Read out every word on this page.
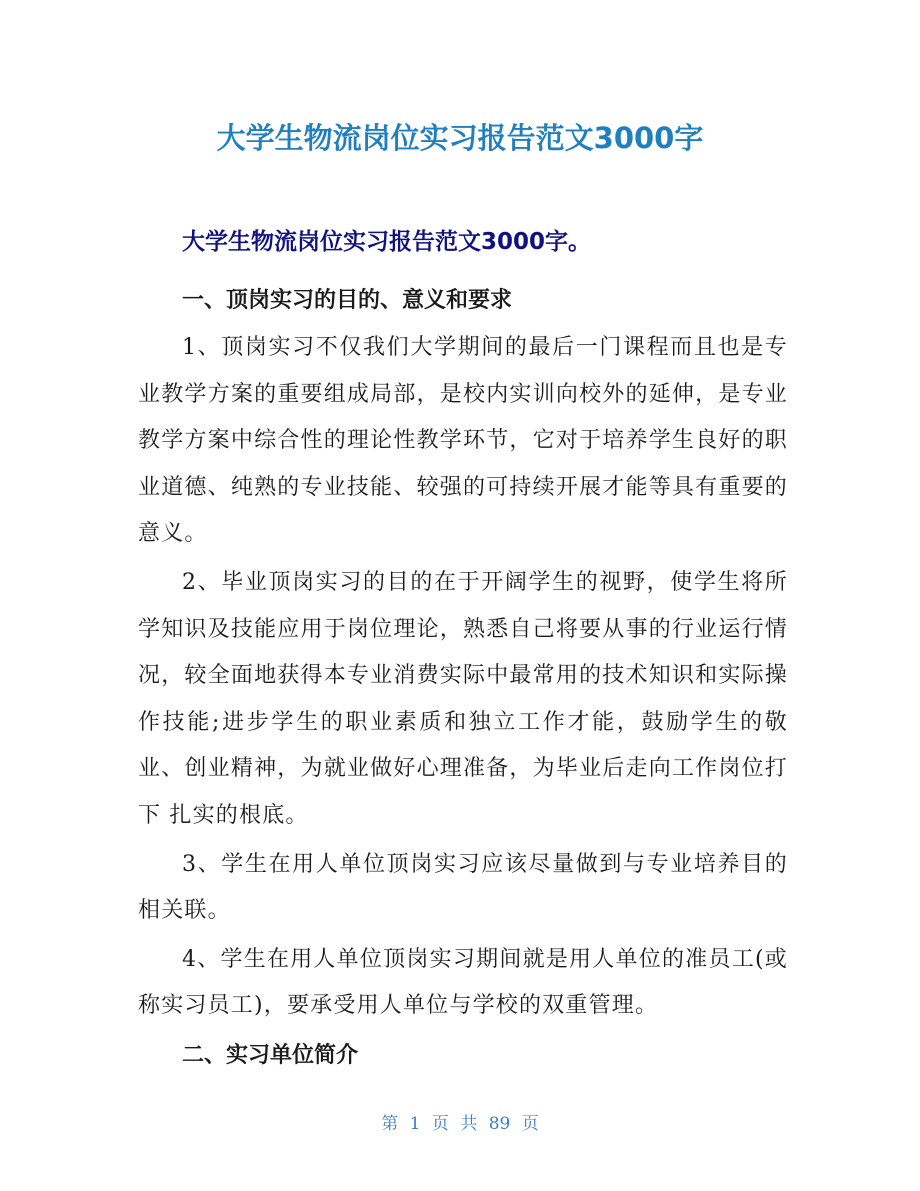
大学生物流岗位实习报告范文3000字

大学生物流岗位实习报告范文3000字。

一、顶岗实习的目的、意义和要求

1、顶岗实习不仅我们大学期间的最后一门课程而且也是专业教学方案的重要组成局部，是校内实训向校外的延伸，是专业教学方案中综合性的理论性教学环节，它对于培养学生良好的职业道德、纯熟的专业技能、较强的可持续开展才能等具有重要的意义。

2、毕业顶岗实习的目的在于开阔学生的视野，使学生将所学知识及技能应用于岗位理论，熟悉自己将要从事的行业运行情况，较全面地获得本专业消费实际中最常用的技术知识和实际操作技能;进步学生的职业素质和独立工作才能，鼓励学生的敬业、创业精神，为就业做好心理准备，为毕业后走向工作岗位打下 扎实的根底。

3、学生在用人单位顶岗实习应该尽量做到与专业培养目的相关联。

4、学生在用人单位顶岗实习期间就是用人单位的准员工(或称实习员工)，要承受用人单位与学校的双重管理。

二、实习单位简介

第 1 页 共 89 页
